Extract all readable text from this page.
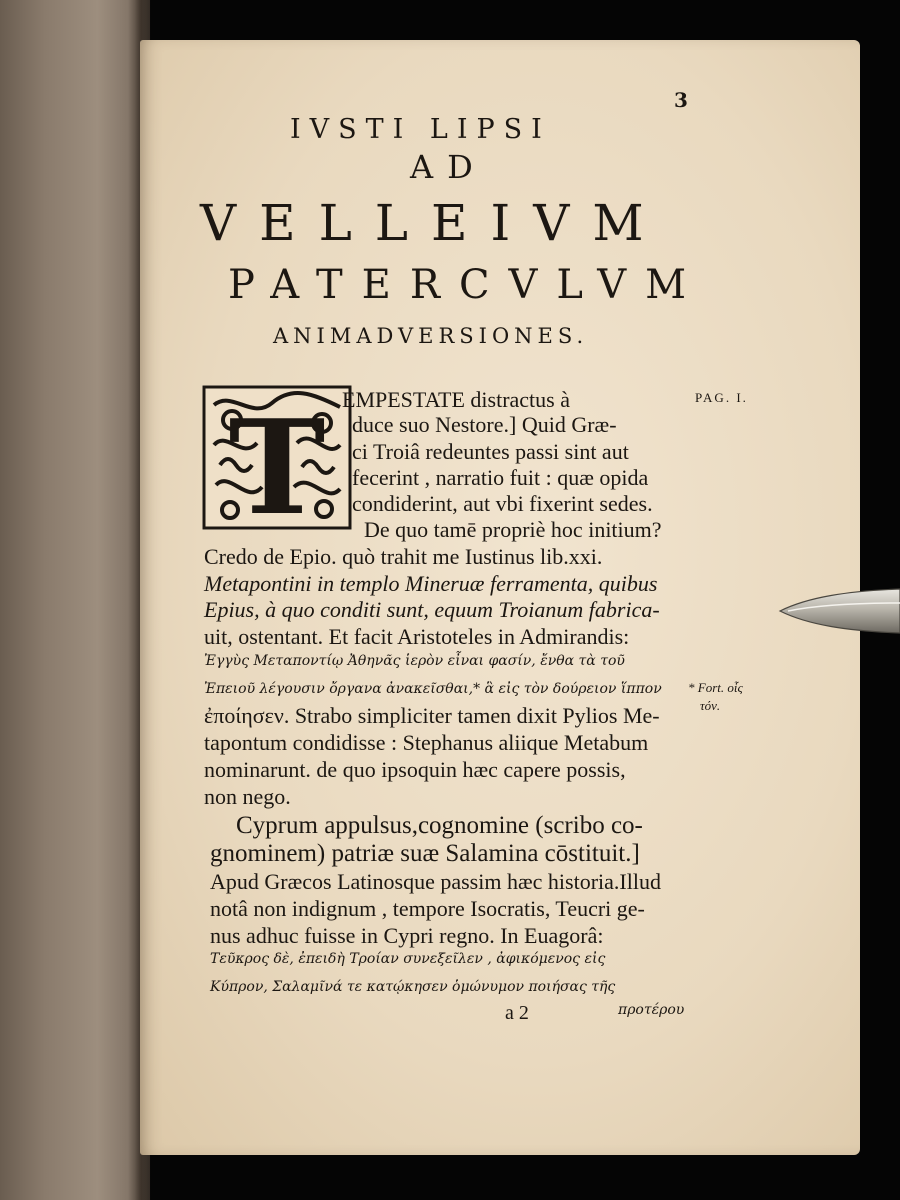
3
IVSTI LIPSI
AD
VELLEIVM
PATERCVLVM
ANIMADVERSIONES.
T EMPESTATE distractus à
duce suo Nestore.] Quid Græ-
ci Troiâ redeuntes passi sint aut
fecerint , narratio fuit : quæ opida
condiderint, aut vbi fixerint sedes.
De quo tamē propriè hoc initium?
Credo de Epio. quò trahit me Iustinus lib.xxi.
Metapontini in templo Mineruæ ferramenta, quibus
Epius, à quo conditi sunt, equum Troianum fabrica-
uit, ostentant. Et facit Aristoteles in Admirandis:
Ἐγγὺς Μεταποντίῳ Ἀθηνᾶς ἱερὸν εἶναι φασίν, ἔνθα τὰ τοῦ
Ἐπειοῦ λέγουσιν ὄργανα ἀνακεῖσθαι,* ἃ εἰς τὸν δούρειον ἵππον
ἐποίησεν. Strabo simpliciter tamen dixit Pylios Me-
tapontum condidisse : Stephanus aliique Metabum
nominarunt. de quo ipsoquin hæc capere possis,
non nego.
Cyprum appulsus,cognomine (scribo co-
gnominem) patriæ suæ Salamina cōstituit.]
Apud Græcos Latinosque passim hæc historia.Illud
notâ non indignum , tempore Isocratis, Teucri ge-
nus adhuc fuisse in Cypri regno. In Euagorâ:
Τεῦκρος δὲ, ἐπειδὴ Τροίαν συνεξεῖλεν , ἀφικόμενος εἰς
Κύπρον, Σαλαμῖνά τε κατῴκησεν ὁμώνυμον ποιήσας τῆς
a 2	προτέρου
PAG. I.
* Fort. οἷς
τόν.
